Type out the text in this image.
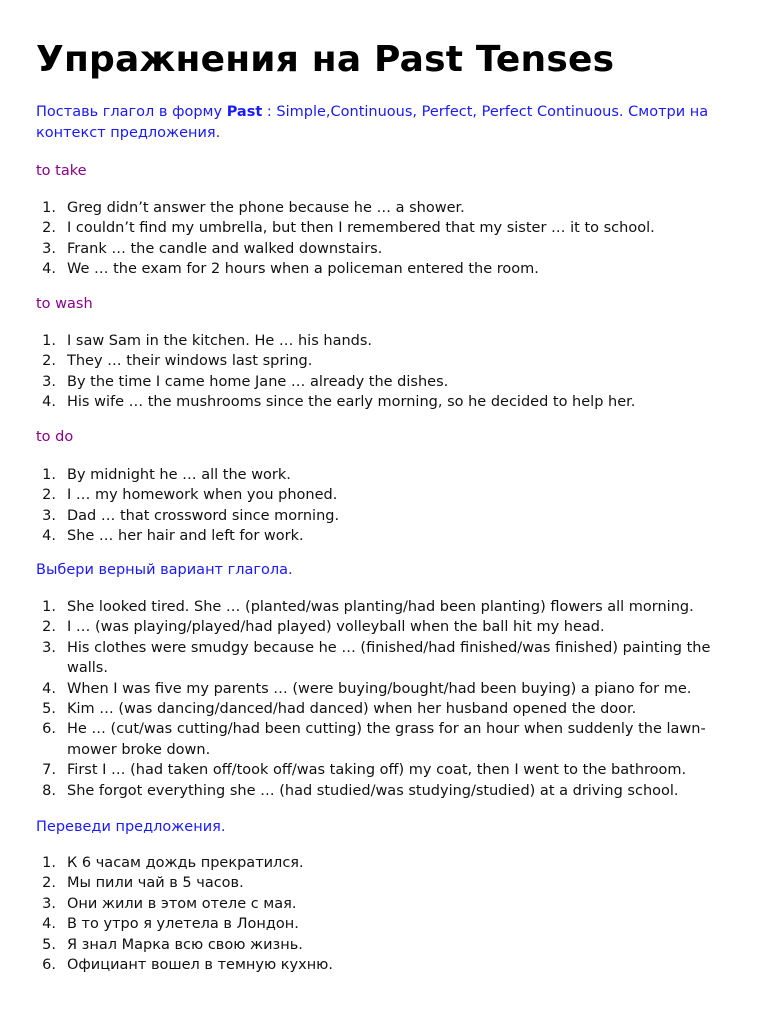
Упражнения на Past Tenses

Поставь глагол в форму Past : Simple,Continuous, Perfect, Perfect Continuous. Смотри на контекст предложения.

to take

1. Greg didn’t answer the phone because he … a shower.
2. I couldn’t find my umbrella, but then I remembered that my sister … it to school.
3. Frank … the candle and walked downstairs.
4. We … the exam for 2 hours when a policeman entered the room.

to wash

1. I saw Sam in the kitchen. He … his hands.
2. They … their windows last spring.
3. By the time I came home Jane … already the dishes.
4. His wife … the mushrooms since the early morning, so he decided to help her.

to do

1. By midnight he … all the work.
2. I … my homework when you phoned.
3. Dad … that crossword since morning.
4. She … her hair and left for work.

Выбери верный вариант глагола.

1. She looked tired. She … (planted/was planting/had been planting) flowers all morning.
2. I … (was playing/played/had played) volleyball when the ball hit my head.
3. His clothes were smudgy because he … (finished/had finished/was finished) painting the walls.
4. When I was five my parents … (were buying/bought/had been buying) a piano for me.
5. Kim … (was dancing/danced/had danced) when her husband opened the door.
6. He … (cut/was cutting/had been cutting) the grass for an hour when suddenly the lawn-mower broke down.
7. First I … (had taken off/took off/was taking off) my coat, then I went to the bathroom.
8. She forgot everything she … (had studied/was studying/studied) at a driving school.

Переведи предложения.

1. К 6 часам дождь прекратился.
2. Мы пили чай в 5 часов.
3. Они жили в этом отеле с мая.
4. В то утро я улетела в Лондон.
5. Я знал Марка всю свою жизнь.
6. Официант вошел в темную кухню.
